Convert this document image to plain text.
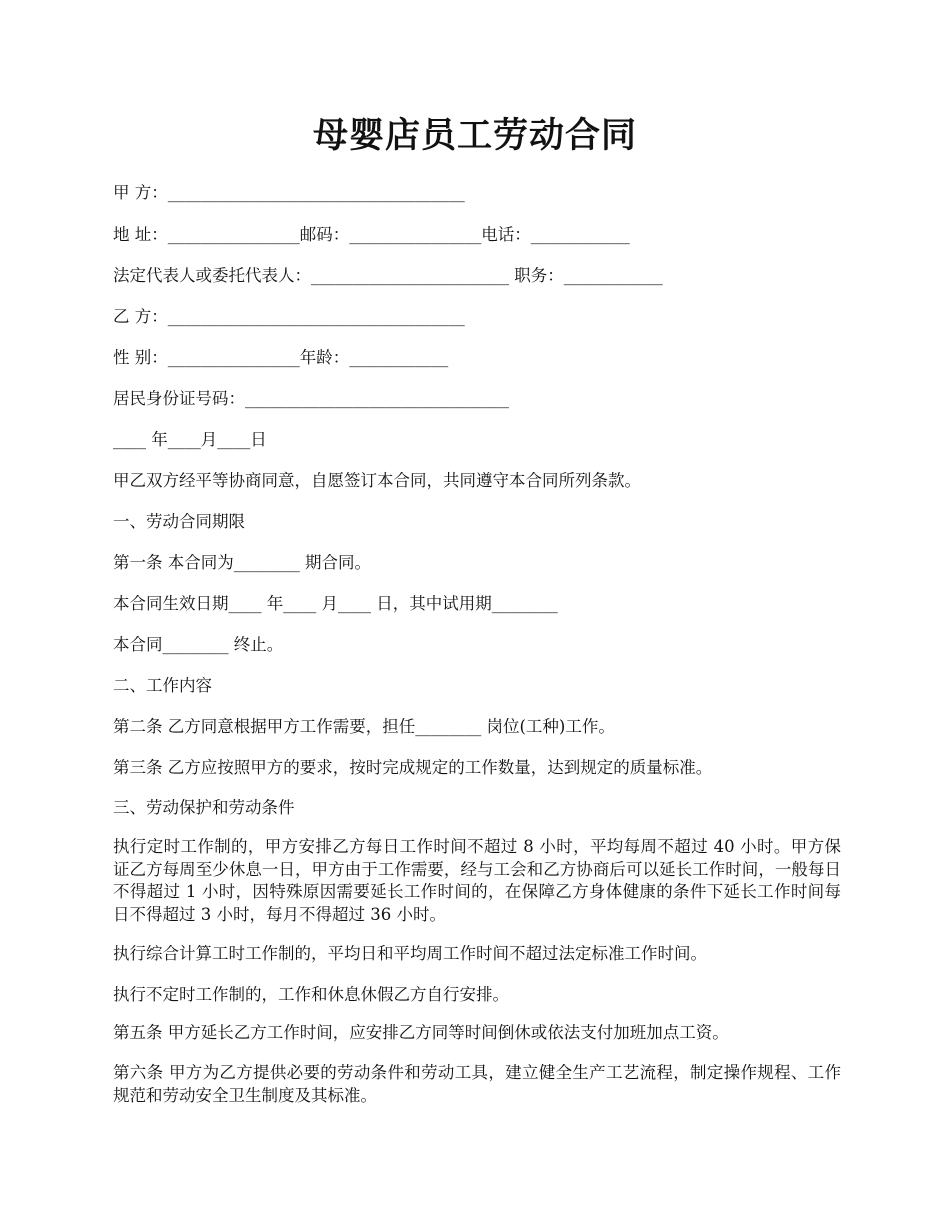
母婴店员工劳动合同
甲 方：____________________________________
地 址：________________邮码：________________电话：____________
法定代表人或委托代表人：________________________ 职务：____________
乙 方：____________________________________
性 别：________________年龄：____________
居民身份证号码：________________________________
____ 年____月____日
甲乙双方经平等协商同意，自愿签订本合同，共同遵守本合同所列条款。
一、劳动合同期限
第一条 本合同为________ 期合同。
本合同生效日期____ 年____ 月____ 日，其中试用期________
本合同________ 终止。
二、工作内容
第二条 乙方同意根据甲方工作需要，担任________ 岗位(工种)工作。
第三条 乙方应按照甲方的要求，按时完成规定的工作数量，达到规定的质量标准。
三、劳动保护和劳动条件
执行定时工作制的，甲方安排乙方每日工作时间不超过 8 小时，平均每周不超过 40 小时。甲方保证乙方每周至少休息一日，甲方由于工作需要，经与工会和乙方协商后可以延长工作时间，一般每日不得超过 1 小时，因特殊原因需要延长工作时间的，在保障乙方身体健康的条件下延长工作时间每日不得超过 3 小时，每月不得超过 36 小时。
执行综合计算工时工作制的，平均日和平均周工作时间不超过法定标准工作时间。
执行不定时工作制的，工作和休息休假乙方自行安排。
第五条 甲方延长乙方工作时间，应安排乙方同等时间倒休或依法支付加班加点工资。
第六条 甲方为乙方提供必要的劳动条件和劳动工具，建立健全生产工艺流程，制定操作规程、工作规范和劳动安全卫生制度及其标准。
